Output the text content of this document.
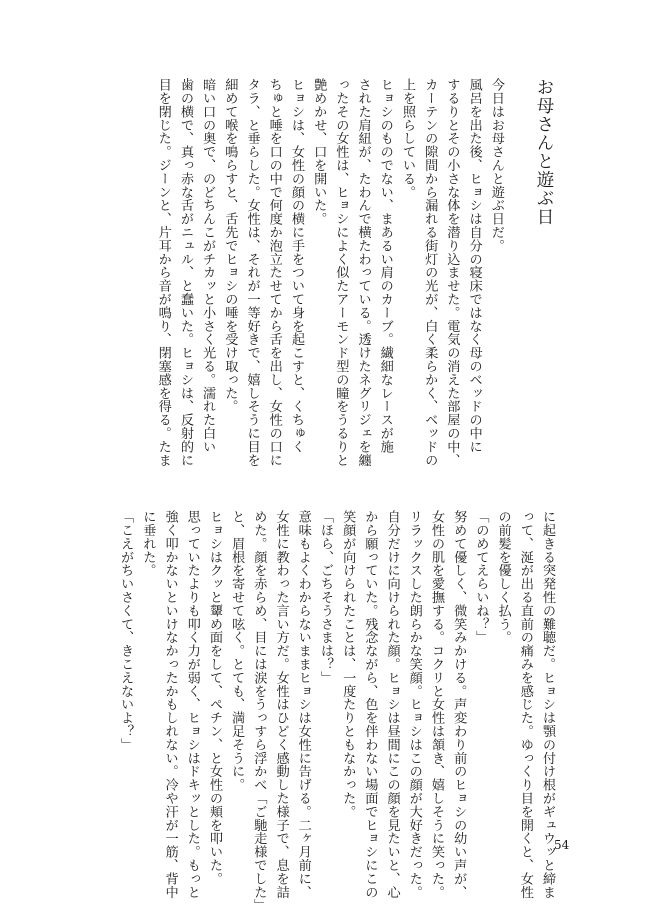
お母さんと遊ぶ日
今日はお母さんと遊ぶ日だ。
風呂を出た後、ヒョシは自分の寝床ではなく母のベッドの中に
するりとその小さな体を潜り込ませた。電気の消えた部屋の中、
カーテンの隙間から漏れる街灯の光が、白く柔らかく、ベッドの
上を照らしている。
ヒョシのものでない、まあるい肩のカーブ。繊細なレースが施
された肩紐が、たわんで横たわっている。透けたネグリジェを纏
ったその女性は、ヒョシによく似たアーモンド型の瞳をうるりと
艶めかせ、口を開いた。
ヒョシは、女性の顔の横に手をついて身を起こすと、くちゅく
ちゅと唾を口の中で何度か泡立たせてから舌を出し、女性の口に
タラ、と垂らした。女性は、それが一等好きで、嬉しそうに目を
細めて喉を鳴らすと、舌先でヒョシの唾を受け取った。
暗い口の奥で、のどちんこがチカッと小さく光る。濡れた白い
歯の横で、真っ赤な舌がニュル、と蠢いた。ヒョシは、反射的に
目を閉じた。ジーンと、片耳から音が鳴り、閉塞感を得る。たま
に起きる突発性の難聴だ。ヒョシは顎の付け根がギュウッと締ま
って、涎が出る直前の痛みを感じた。ゆっくり目を開くと、女性
の前髪を優しく払う。
「のめてえらいね？」
努めて優しく、微笑みかける。声変わり前のヒョシの幼い声が、
女性の肌を愛撫する。コクリと女性は頷き、嬉しそうに笑った。
リラックスした朗らかな笑顔。ヒョシはこの顔が大好きだった。
自分だけに向けられた顔。ヒョシは昼間にこの顔を見たいと、心
から願っていた。残念ながら、色を伴わない場面でヒョシにこの
笑顔が向けられたことは、一度たりともなかった。
「ほら、ごちそうさまは？」
意味もよくわからないままヒョシは女性に告げる。二ヶ月前に、
女性に教わった言い方だ。女性はひどく感動した様子で、息を詰
めた。顔を赤らめ、目には涙をうっすら浮かべ「ご馳走様でした」
と、眉根を寄せて呟く。とても、満足そうに。
ヒョシはクッと顰め面をして、ペチン、と女性の頬を叩いた。
思っていたよりも叩く力が弱く、ヒョシはドキッとした。もっと
強く叩かないといけなかったかもしれない。冷や汗が一筋、背中
に垂れた。
「こえがちいさくて、きこえないよ？」
54
